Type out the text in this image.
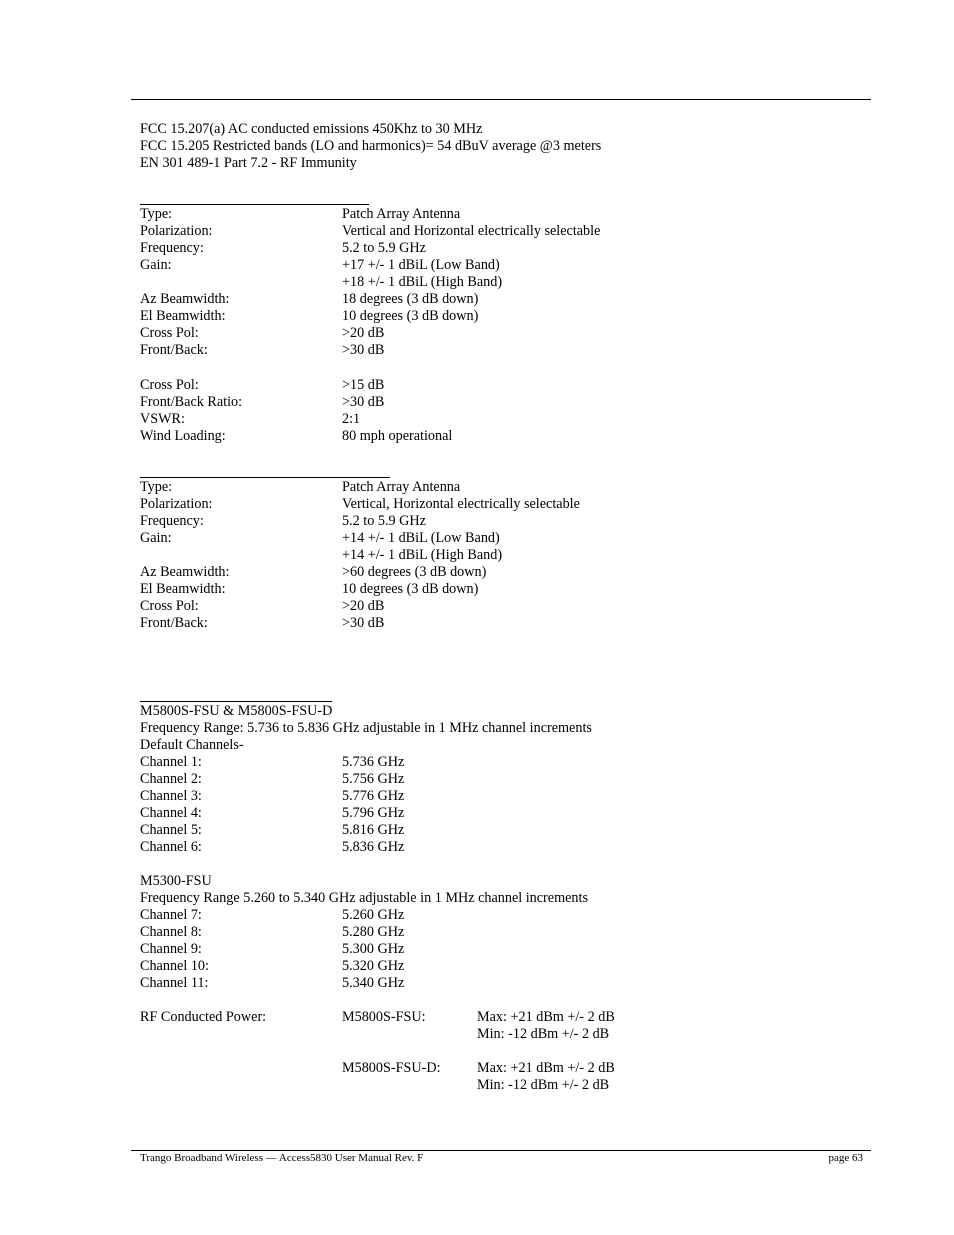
FCC 15.207(a) AC conducted emissions 450Khz to 30 MHz
FCC 15.205 Restricted bands (LO and harmonics)= 54 dBuV average @3 meters
EN 301 489-1 Part 7.2 - RF Immunity
Type:	Patch Array Antenna
Polarization:	Vertical and Horizontal electrically selectable
Frequency:	5.2 to 5.9 GHz
Gain:	+17 +/- 1 dBiL (Low Band)
+18 +/- 1 dBiL (High Band)
Az Beamwidth:	18 degrees (3 dB down)
El Beamwidth:	10 degrees (3 dB down)
Cross Pol:	>20 dB
Front/Back:	>30 dB
Cross Pol:	>15 dB
Front/Back Ratio:	>30 dB
VSWR:	2:1
Wind Loading:	80 mph operational
Type:	Patch Array Antenna
Polarization:	Vertical, Horizontal electrically selectable
Frequency:	5.2 to 5.9 GHz
Gain:	+14 +/- 1 dBiL (Low Band)
+14 +/- 1 dBiL (High Band)
Az Beamwidth:	>60 degrees (3 dB down)
El Beamwidth:	10 degrees (3 dB down)
Cross Pol:	>20 dB
Front/Back:	>30 dB
M5800S-FSU & M5800S-FSU-D
Frequency Range: 5.736 to 5.836 GHz adjustable in 1 MHz channel increments
Default Channels-
Channel 1:	5.736 GHz
Channel 2:	5.756 GHz
Channel 3:	5.776 GHz
Channel 4:	5.796 GHz
Channel 5:	5.816 GHz
Channel 6:	5.836 GHz
M5300-FSU
Frequency Range 5.260 to 5.340 GHz adjustable in 1 MHz channel increments
Channel 7:	5.260 GHz
Channel 8:	5.280 GHz
Channel 9:	5.300 GHz
Channel 10:	5.320 GHz
Channel 11:	5.340 GHz
RF Conducted Power:	M5800S-FSU:	Max: +21 dBm +/- 2 dB
Min: -12 dBm +/- 2 dB
M5800S-FSU-D:	Max: +21 dBm +/- 2 dB
Min: -12 dBm +/- 2 dB
Trango Broadband Wireless — Access5830 User Manual Rev. F	page 63
